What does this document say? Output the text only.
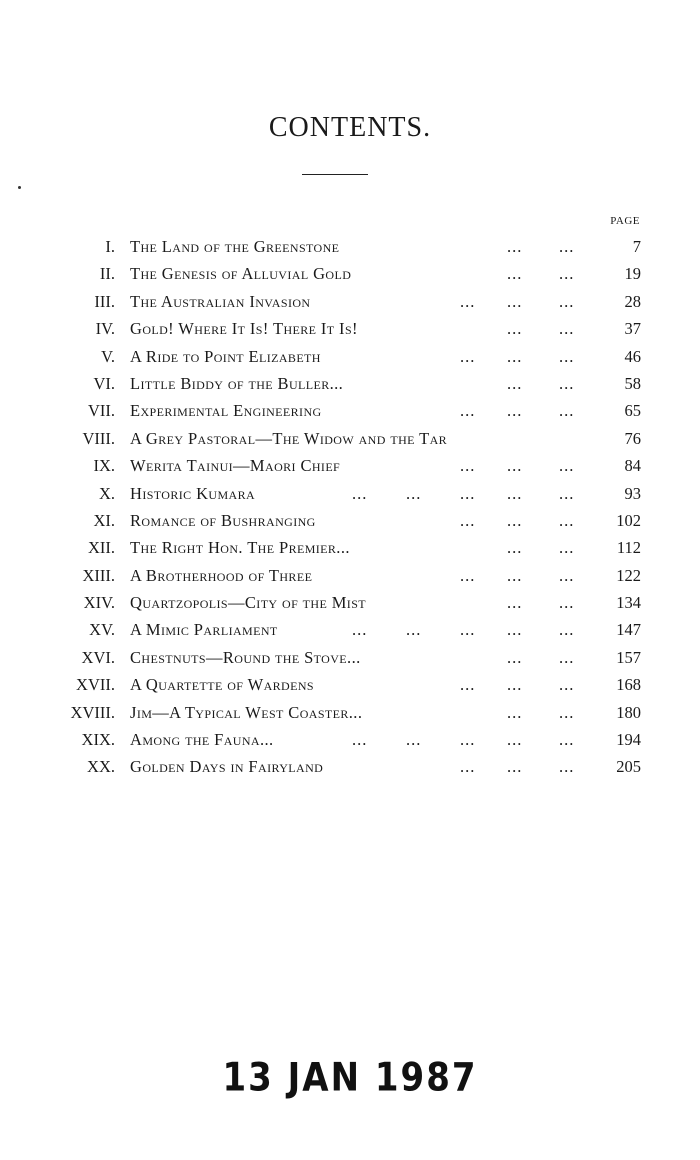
CONTENTS.
PAGE
I. The Land of the Greenstone	... ...	7
II. The Genesis of Alluvial Gold	... ...	19
III. The Australian Invasion	... ... ...	28
IV. Gold! Where It Is! There It Is!	... ...	37
V. A Ride to Point Elizabeth	... ... ...	46
VI. Little Biddy of the Buller...	... ...	58
VII. Experimental Engineering	... ... ...	65
VIII. A Grey Pastoral—The Widow and the Tar	76
IX. Werita Tainui—Maori Chief	... ... ...	84
X. Historic Kumara	... ... ... ... ...	93
XI. Romance of Bushranging	... ... ...	102
XII. The Right Hon. The Premier...	... ...	112
XIII. A Brotherhood of Three	... ... ...	122
XIV. Quartzopolis—City of the Mist	... ...	134
XV. A Mimic Parliament	... ... ... ... ...	147
XVI. Chestnuts—Round the Stove...	... ...	157
XVII. A Quartette of Wardens	... ... ...	168
XVIII. Jim—A Typical West Coaster...	... ...	180
XIX. Among the Fauna...	... ... ... ... ...	194
XX. Golden Days in Fairyland	... ... ...	205
13 JAN 1987
